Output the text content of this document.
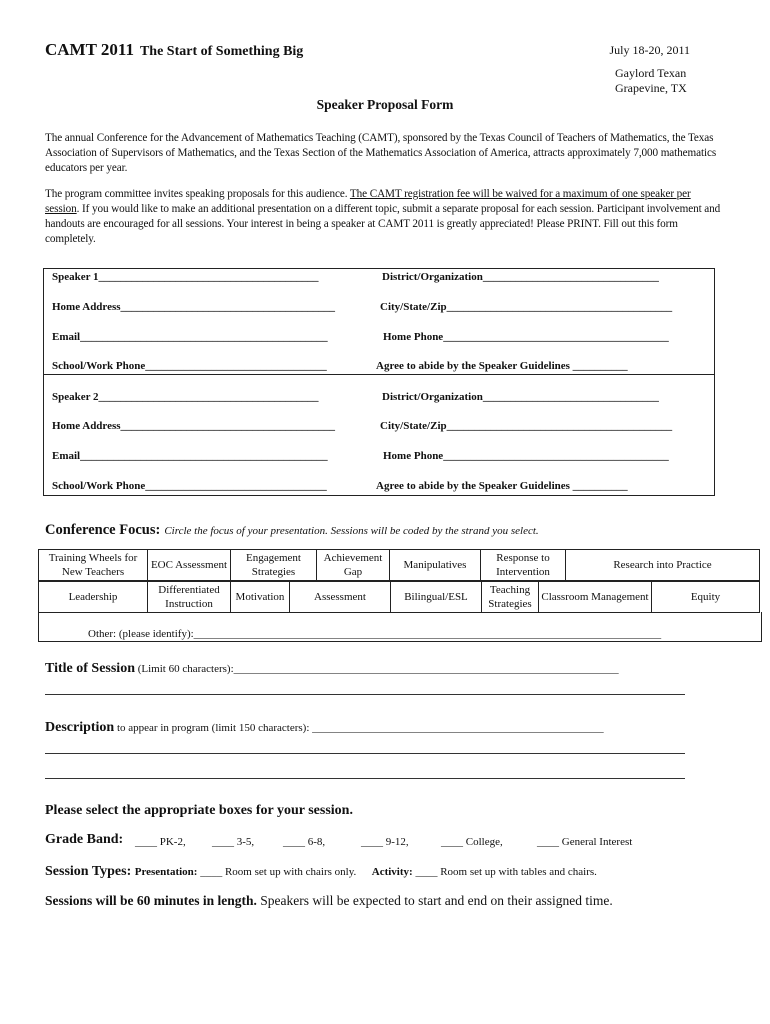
CAMT 2011 The Start of Something Big	July 18-20, 2011
Gaylord Texan
Grapevine, TX
Speaker Proposal Form
The annual Conference for the Advancement of Mathematics Teaching (CAMT), sponsored by the Texas Council of Teachers of Mathematics, the Texas Association of Supervisors of Mathematics, and the Texas Section of the Mathematics Association of America, attracts approximately 7,000 mathematics educators per year.
The program committee invites speaking proposals for this audience. The CAMT registration fee will be waived for a maximum of one speaker per session. If you would like to make an additional presentation on a different topic, submit a separate proposal for each session. Participant involvement and handouts are encouraged for all sessions. Your interest in being a speaker at CAMT 2011 is greatly appreciated! Please PRINT. Fill out this form completely.
Speaker 1________________________________________	District/Organization________________________________
Home Address_______________________________________	City/State/Zip_________________________________________
Email_____________________________________________	Home Phone_________________________________________
School/Work Phone_________________________________	Agree to abide by the Speaker Guidelines __________
Speaker 2________________________________________	District/Organization________________________________
Home Address_______________________________________	City/State/Zip_________________________________________
Email_____________________________________________	Home Phone_________________________________________
School/Work Phone_________________________________	Agree to abide by the Speaker Guidelines __________
Conference Focus: Circle the focus of your presentation. Sessions will be coded by the strand you select.
Training Wheels for New Teachers	EOC Assessment	Engagement Strategies	Achievement Gap	Manipulatives	Response to Intervention	Research into Practice
Leadership	Differentiated Instruction	Motivation	Assessment	Bilingual/ESL	Teaching Strategies	Classroom Management	Equity
Other: (please identify):_____________________________________________________________________________________
Title of Session (Limit 60 characters):______________________________________________________________________
Description to appear in program (limit 150 characters): _____________________________________________________
Please select the appropriate boxes for your session.
Grade Band: ____ PK-2, ____ 3-5,	____ 6-8,	____ 9-12,	____ College,	____ General Interest
Session Types: Presentation: ____ Room set up with chairs only. Activity: ____ Room set up with tables and chairs.
Sessions will be 60 minutes in length. Speakers will be expected to start and end on their assigned time.
